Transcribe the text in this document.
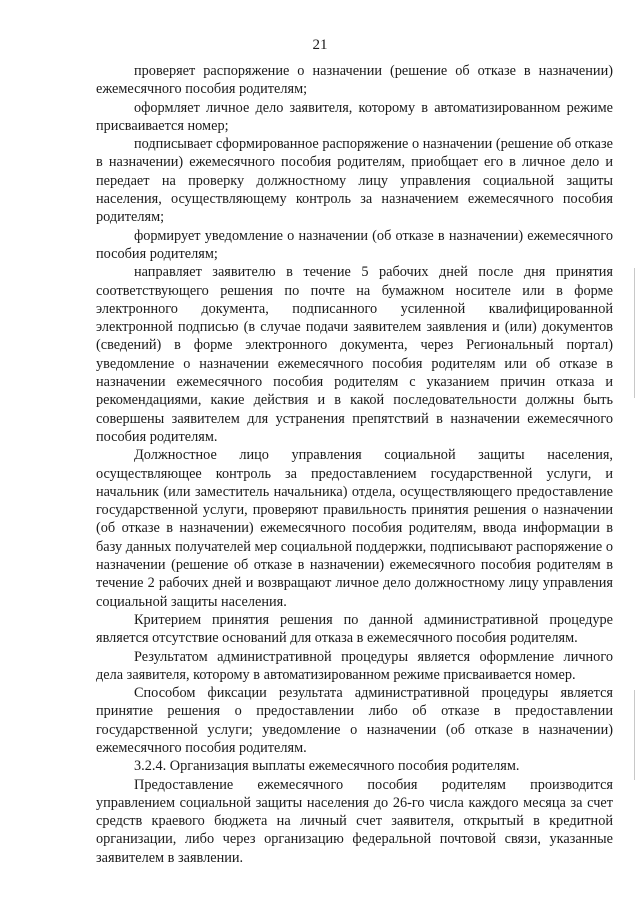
21

проверяет распоряжение о назначении (решение об отказе в назначении) ежемесячного пособия родителям;

оформляет личное дело заявителя, которому в автоматизированном режиме присваивается номер;

подписывает сформированное распоряжение о назначении (решение об отказе в назначении) ежемесячного пособия родителям, приобщает его в личное дело и передает на проверку должностному лицу управления социальной защиты населения, осуществляющему контроль за назначением ежемесячного пособия родителям;

формирует уведомление о назначении (об отказе в назначении) ежемесячного пособия родителям;

направляет заявителю в течение 5 рабочих дней после дня принятия соответствующего решения по почте на бумажном носителе или в форме электронного документа, подписанного усиленной квалифицированной электронной подписью (в случае подачи заявителем заявления и (или) документов (сведений) в форме электронного документа, через Региональный портал) уведомление о назначении ежемесячного пособия родителям или об отказе в назначении ежемесячного пособия родителям с указанием причин отказа и рекомендациями, какие действия и в какой последовательности должны быть совершены заявителем для устранения препятствий в назначении ежемесячного пособия родителям.

Должностное лицо управления социальной защиты населения, осуществляющее контроль за предоставлением государственной услуги, и начальник (или заместитель начальника) отдела, осуществляющего предоставление государственной услуги, проверяют правильность принятия решения о назначении (об отказе в назначении) ежемесячного пособия родителям, ввода информации в базу данных получателей мер социальной поддержки, подписывают распоряжение о назначении (решение об отказе в назначении) ежемесячного пособия родителям в течение 2 рабочих дней и возвращают личное дело должностному лицу управления социальной защиты населения.

Критерием принятия решения по данной административной процедуре является отсутствие оснований для отказа в ежемесячного пособия родителям.

Результатом административной процедуры является оформление личного дела заявителя, которому в автоматизированном режиме присваивается номер.

Способом фиксации результата административной процедуры является принятие решения о предоставлении либо об отказе в предоставлении государственной услуги; уведомление о назначении (об отказе в назначении) ежемесячного пособия родителям.

3.2.4. Организация выплаты ежемесячного пособия родителям.

Предоставление ежемесячного пособия родителям производится управлением социальной защиты населения до 26-го числа каждого месяца за счет средств краевого бюджета на личный счет заявителя, открытый в кредитной организации, либо через организацию федеральной почтовой связи, указанные заявителем в заявлении.
